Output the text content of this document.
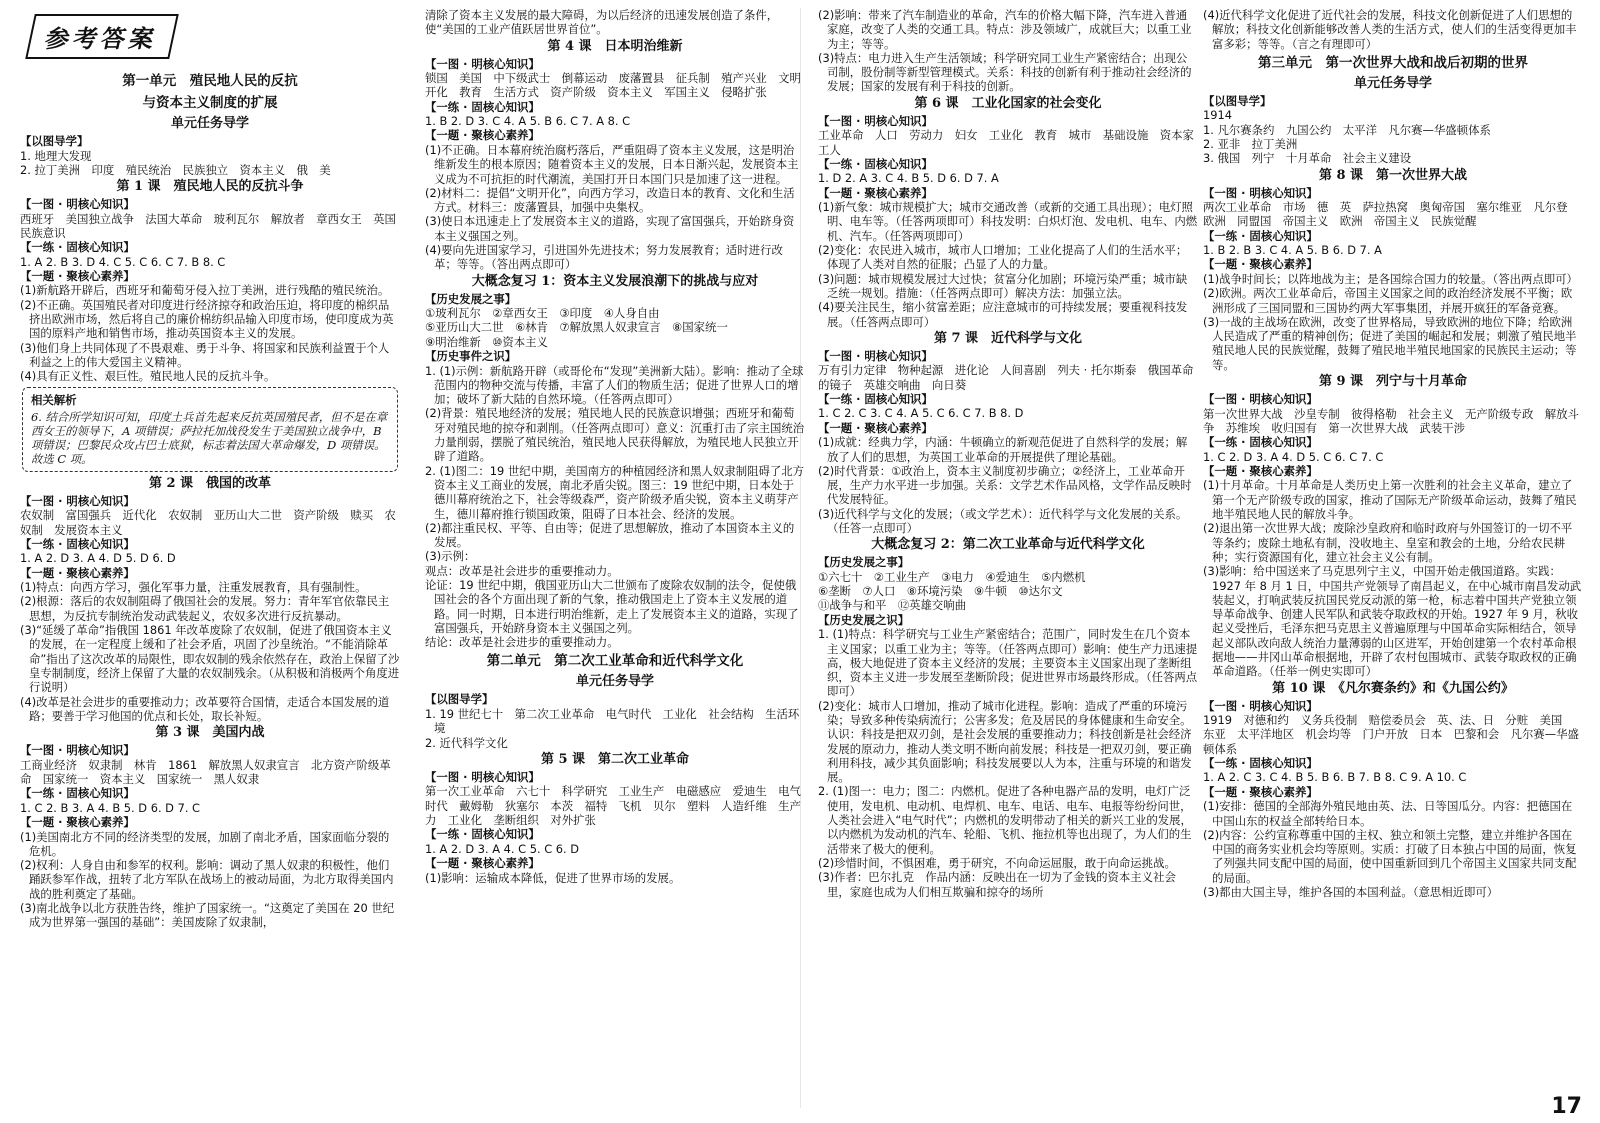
参考答案
第一单元　殖民地人民的反抗
与资本主义制度的扩展
单元任务导学
【以图导学】

1. 地理大发现

2. 拉丁美洲　印度　殖民统治　民族独立　资本主义　俄　美

第 1 课　殖民地人民的反抗斗争
【一图 · 明核心知识】

西班牙　美国独立战争　法国大革命　玻利瓦尔　解放者　章西女王　英国　民族意识

【一练 · 固核心知识】

1. A 2. B 3. D 4. C 5. C 6. C 7. B 8. C

【一题 · 聚核心素养】

(1)新航路开辟后，西班牙和葡萄牙侵入拉丁美洲，进行残酷的殖民统治。

(2)不正确。英国殖民者对印度进行经济掠夺和政治压迫，将印度的棉织品挤出欧洲市场，然后将自己的廉价棉纺织品输入印度市场，使印度成为英国的原料产地和销售市场，推动英国资本主义的发展。

(3)他们身上共同体现了不畏艰难、勇于斗争、将国家和民族利益置于个人利益之上的伟大爱国主义精神。

(4)具有正义性、艰巨性。殖民地人民的反抗斗争。

相关解析

6. 结合所学知识可知，印度土兵首先起来反抗英国殖民者，但不是在章西女王的领导下，A 项错误；萨拉托加战役发生于美国独立战争中，B 项错误；巴黎民众攻占巴士底狱，标志着法国大革命爆发，D 项错误。故选 C 项。

第 2 课　俄国的改革
【一图 · 明核心知识】

农奴制　富国强兵　近代化　农奴制　亚历山大二世　资产阶级　赎买　农奴制　发展资本主义

【一练 · 固核心知识】

1. A 2. D 3. A 4. D 5. D 6. D

【一题 · 聚核心素养】

(1)特点：向西方学习，强化军事力量，注重发展教育，具有强制性。

(2)根源：落后的农奴制阻碍了俄国社会的发展。努力：青年军官依靠民主思想，为反抗专制统治发动武装起义，农奴多次进行反抗暴动。

(3)“延缓了革命”指俄国 1861 年改革废除了农奴制，促进了俄国资本主义的发展，在一定程度上缓和了社会矛盾，巩固了沙皇统治。“不能消除革命”指出了这次改革的局限性，即农奴制的残余依然存在，政治上保留了沙皇专制制度，经济上保留了大量的农奴制残余。（从积极和消极两个角度进行说明）

(4)改革是社会进步的重要推动力；改革要符合国情，走适合本国发展的道路；要善于学习他国的优点和长处，取长补短。

第 3 课　美国内战
【一图 · 明核心知识】

工商业经济　奴隶制　林肯　1861　解放黑人奴隶宣言　北方资产阶级革命　国家统一　资本主义　国家统一　黑人奴隶

【一练 · 固核心知识】

1. C 2. B 3. A 4. B 5. D 6. D 7. C

【一题 · 聚核心素养】

(1)美国南北方不同的经济类型的发展，加剧了南北矛盾，国家面临分裂的危机。

(2)权利：人身自由和参军的权利。影响：调动了黑人奴隶的积极性，他们踊跃参军作战，扭转了北方军队在战场上的被动局面，为北方取得美国内战的胜利奠定了基础。

(3)南北战争以北方获胜告终，维护了国家统一。“这奠定了美国在 20 世纪成为世界第一强国的基础”：美国废除了奴隶制，

清除了资本主义发展的最大障碍，为以后经济的迅速发展创造了条件，使“美国的工业产值跃居世界首位”。

第 4 课　日本明治维新
【一图 · 明核心知识】

锁国　美国　中下级武士　倒幕运动　废藩置县　征兵制　殖产兴业　文明开化　教育　生活方式　资产阶级　资本主义　军国主义　侵略扩张

【一练 · 固核心知识】

1. B 2. D 3. C 4. A 5. B 6. C 7. A 8. C

【一题 · 聚核心素养】

(1)不正确。日本幕府统治腐朽落后，严重阻碍了资本主义发展，这是明治维新发生的根本原因；随着资本主义的发展，日本日渐兴起，发展资本主义成为不可抗拒的时代潮流，美国打开日本国门只是加速了这一进程。

(2)材料二：提倡“文明开化”，向西方学习，改造日本的教育、文化和生活方式。材料三：废藩置县，加强中央集权。

(3)使日本迅速走上了发展资本主义的道路，实现了富国强兵，开始跻身资本主义强国之列。

(4)要向先进国家学习，引进国外先进技术；努力发展教育；适时进行改革；等等。（答出两点即可）

大概念复习 1：资本主义发展浪潮下的挑战与应对
【历史发展之事】

①玻利瓦尔　②章西女王　③印度　④人身自由

⑤亚历山大二世　⑥林肯　⑦解放黑人奴隶宣言　⑧国家统一

⑨明治维新　⑩资本主义

【历史事件之识】

1. (1)示例：新航路开辟（或哥伦布“发现”美洲新大陆）。影响：推动了全球范围内的物种交流与传播，丰富了人们的物质生活；促进了世界人口的增加；破坏了新大陆的自然环境。（任答两点即可）

(2)背景：殖民地经济的发展；殖民地人民的民族意识增强；西班牙和葡萄牙对殖民地的掠夺和剥削。（任答两点即可）意义：沉重打击了宗主国统治力量削弱，摆脱了殖民统治，殖民地人民获得解放，为殖民地人民独立开辟了道路。

2. (1)图二：19 世纪中期，美国南方的种植园经济和黑人奴隶制阻碍了北方资本主义工商业的发展，南北矛盾尖锐。图三：19 世纪中期，日本处于德川幕府统治之下，社会等级森严，资产阶级矛盾尖锐，资本主义萌芽产生，德川幕府推行锁国政策，阻碍了日本社会、经济的发展。

(2)都注重民权、平等、自由等；促进了思想解放，推动了本国资本主义的发展。

(3)示例：

观点：改革是社会进步的重要推动力。

论证：19 世纪中期，俄国亚历山大二世颁布了废除农奴制的法令，促使俄国社会的各个方面出现了新的气象，推动俄国走上了资本主义发展的道路。同一时期，日本进行明治维新，走上了发展资本主义的道路，实现了富国强兵，开始跻身资本主义强国之列。

结论：改革是社会进步的重要推动力。

第二单元　第二次工业革命和近代科学文化
单元任务导学
【以图导学】

1. 19 世纪七十　第二次工业革命　电气时代　工业化　社会结构　生活环境

2. 近代科学文化

第 5 课　第二次工业革命
【一图 · 明核心知识】

第一次工业革命　六七十　科学研究　工业生产　电磁感应　爱迪生　电气时代　戴姆勒　狄塞尔　本茨　福特　飞机　贝尔　塑料　人造纤维　生产力　工业化　垄断组织　对外扩张

【一练 · 固核心知识】

1. A 2. D 3. A 4. C 5. C 6. D

【一题 · 聚核心素养】

(1)影响：运输成本降低，促进了世界市场的发展。

(2)影响：带来了汽车制造业的革命，汽车的价格大幅下降，汽车进入普通家庭，改变了人类的交通工具。特点：涉及领域广，成就巨大；以重工业为主；等等。

(3)特点：电力进入生产生活领域；科学研究同工业生产紧密结合；出现公司制，股份制等新型管理模式。关系：科技的创新有利于推动社会经济的发展；国家的发展有利于科技的创新。

第 6 课　工业化国家的社会变化
【一图 · 明核心知识】

工业革命　人口　劳动力　妇女　工业化　教育　城市　基础设施　资本家　工人

【一练 · 固核心知识】

1. D 2. A 3. C 4. B 5. D 6. D 7. A

【一题 · 聚核心素养】

(1)新气象：城市规模扩大；城市交通改善（或新的交通工具出现）；电灯照明、电车等。（任答两项即可）科技发明：白炽灯泡、发电机、电车、内燃机、汽车。（任答两项即可）

(2)变化：农民进入城市，城市人口增加；工业化提高了人们的生活水平；体现了人类对自然的征服；凸显了人的力量。

(3)问题：城市规模发展过大过快；贫富分化加剧；环境污染严重；城市缺乏统一规划。措施：（任答两点即可）解决方法：加强立法。

(4)要关注民生，缩小贫富差距；应注意城市的可持续发展；要重视科技发展。（任答两点即可）

第 7 课　近代科学与文化
【一图 · 明核心知识】

万有引力定律　物种起源　进化论　人间喜剧　列夫 · 托尔斯泰　俄国革命的镜子　英雄交响曲　向日葵

【一练 · 固核心知识】

1. C 2. C 3. C 4. A 5. C 6. C 7. B 8. D

【一题 · 聚核心素养】

(1)成就：经典力学，内涵：牛顿确立的新观范促进了自然科学的发展；解放了人们的思想，为英国工业革命的开展提供了理论基础。

(2)时代背景：①政治上，资本主义制度初步确立；②经济上，工业革命开展，生产力水平进一步加强。关系：文学艺术作品风格，文学作品反映时代发展特征。

(3)近代科学与文化的发展；（或文学艺术）：近代科学与文化发展的关系。（任答一点即可）

大概念复习 2：第二次工业革命与近代科学文化
【历史发展之事】

①六七十　②工业生产　③电力　④爱迪生　⑤内燃机

⑥垄断　⑦人口　⑧环境污染　⑨牛顿　⑩达尔文

⑪战争与和平　⑫英雄交响曲

【历史发展之识】

1. (1)特点：科学研究与工业生产紧密结合；范围广，同时发生在几个资本主义国家；以重工业为主；等等。（任答两点即可）影响：使生产力迅速提高，极大地促进了资本主义经济的发展；主要资本主义国家出现了垄断组织，资本主义进一步发展至垄断阶段；促进世界市场最终形成。（任答两点即可）

(2)变化：城市人口增加，推动了城市化进程。影响：造成了严重的环境污染；导致多种传染病流行；公害多发；危及居民的身体健康和生命安全。认识：科技是把双刃剑，是社会发展的重要推动力；科技创新是社会经济发展的原动力，推动人类文明不断向前发展；科技是一把双刃剑，要正确利用科技，减少其负面影响；科技发展要以人为本，注重与环境的和谐发展。

2. (1)图一：电力；图二：内燃机。促进了各种电器产品的发明，电灯广泛使用，发电机、电动机、电焊机、电车、电话、电车、电报等纷纷问世，人类社会进入“电气时代”；内燃机的发明带动了相关的新兴工业的发展，以内燃机为发动机的汽车、轮船、飞机、拖拉机等也出现了，为人们的生活带来了极大的便利。

(2)珍惜时间，不惧困难，勇于研究，不向命运屈服，敢于向命运挑战。

(3)作者：巴尔扎克　作品内涵：反映出在一切为了金钱的资本主义社会里，家庭也成为人们相互欺骗和掠夺的场所

(4)近代科学文化促进了近代社会的发展，科技文化创新促进了人们思想的解放；科技文化创新能够改善人类的生活方式，使人们的生活变得更加丰富多彩；等等。（言之有理即可）

第三单元　第一次世界大战和战后初期的世界
单元任务导学
【以图导学】

1914

1. 凡尔赛条约　九国公约　太平洋　凡尔赛—华盛顿体系

2. 亚非　拉丁美洲

3. 俄国　列宁　十月革命　社会主义建设

第 8 课　第一次世界大战
【一图 · 明核心知识】

两次工业革命　市场　德　英　萨拉热窝　奥匈帝国　塞尔维亚　凡尔登　欧洲　同盟国　帝国主义　欧洲　帝国主义　民族觉醒

【一练 · 固核心知识】

1. B 2. B 3. C 4. A 5. B 6. D 7. A

【一题 · 聚核心素养】

(1)战争时间长；以阵地战为主；是各国综合国力的较量。（答出两点即可）

(2)欧洲。两次工业革命后，帝国主义国家之间的政治经济发展不平衡；欧洲形成了三国同盟和三国协约两大军事集团，并展开疯狂的军备竞赛。

(3)一战的主战场在欧洲，改变了世界格局，导致欧洲的地位下降；给欧洲人民造成了严重的精神创伤；促进了美国的崛起和发展；刺激了殖民地半殖民地人民的民族觉醒，鼓舞了殖民地半殖民地国家的民族民主运动；等等。

第 9 课　列宁与十月革命
【一图 · 明核心知识】

第一次世界大战　沙皇专制　彼得格勒　社会主义　无产阶级专政　解放斗争　苏维埃　收归国有　第一次世界大战　武装干涉

【一练 · 固核心知识】

1. C 2. D 3. A 4. D 5. C 6. C 7. C

【一题 · 聚核心素养】

(1)十月革命。十月革命是人类历史上第一次胜利的社会主义革命，建立了第一个无产阶级专政的国家，推动了国际无产阶级革命运动，鼓舞了殖民地半殖民地人民的解放斗争。

(2)退出第一次世界大战；废除沙皇政府和临时政府与外国签订的一切不平等条约；废除土地私有制，没收地主、皇室和教会的土地，分给农民耕种；实行资源国有化，建立社会主义公有制。

(3)影响：给中国送来了马克思列宁主义，中国开始走俄国道路。实践：1927 年 8 月 1 日，中国共产党领导了南昌起义，在中心城市南昌发动武装起义，打响武装反抗国民党反动派的第一枪，标志着中国共产党独立领导革命战争、创建人民军队和武装夺取政权的开始。1927 年 9 月，秋收起义受挫后，毛泽东把马克思主义普遍原理与中国革命实际相结合，领导起义部队改向敌人统治力量薄弱的山区进军，开始创建第一个农村革命根据地——井冈山革命根据地，开辟了农村包围城市、武装夺取政权的正确革命道路。（任举一例史实即可）

第 10 课　《凡尔赛条约》和《九国公约》
【一图 · 明核心知识】

1919　对德和约　义务兵役制　赔偿委员会　英、法、日　分赃　美国　东亚　太平洋地区　机会均等　门户开放　日本　巴黎和会　凡尔赛—华盛顿体系

【一练 · 固核心知识】

1. A 2. C 3. C 4. B 5. B 6. B 7. B 8. C 9. A 10. C

【一题 · 聚核心素养】

(1)安排：德国的全部海外殖民地由英、法、日等国瓜分。内容：把德国在中国山东的权益全部转给日本。

(2)内容：公约宣称尊重中国的主权、独立和领土完整，建立并维护各国在中国的商务实业机会均等原则。实质：打破了日本独占中国的局面，恢复了列强共同支配中国的局面，使中国重新回到几个帝国主义国家共同支配的局面。

(3)都由大国主导，维护各国的本国利益。（意思相近即可）

17
